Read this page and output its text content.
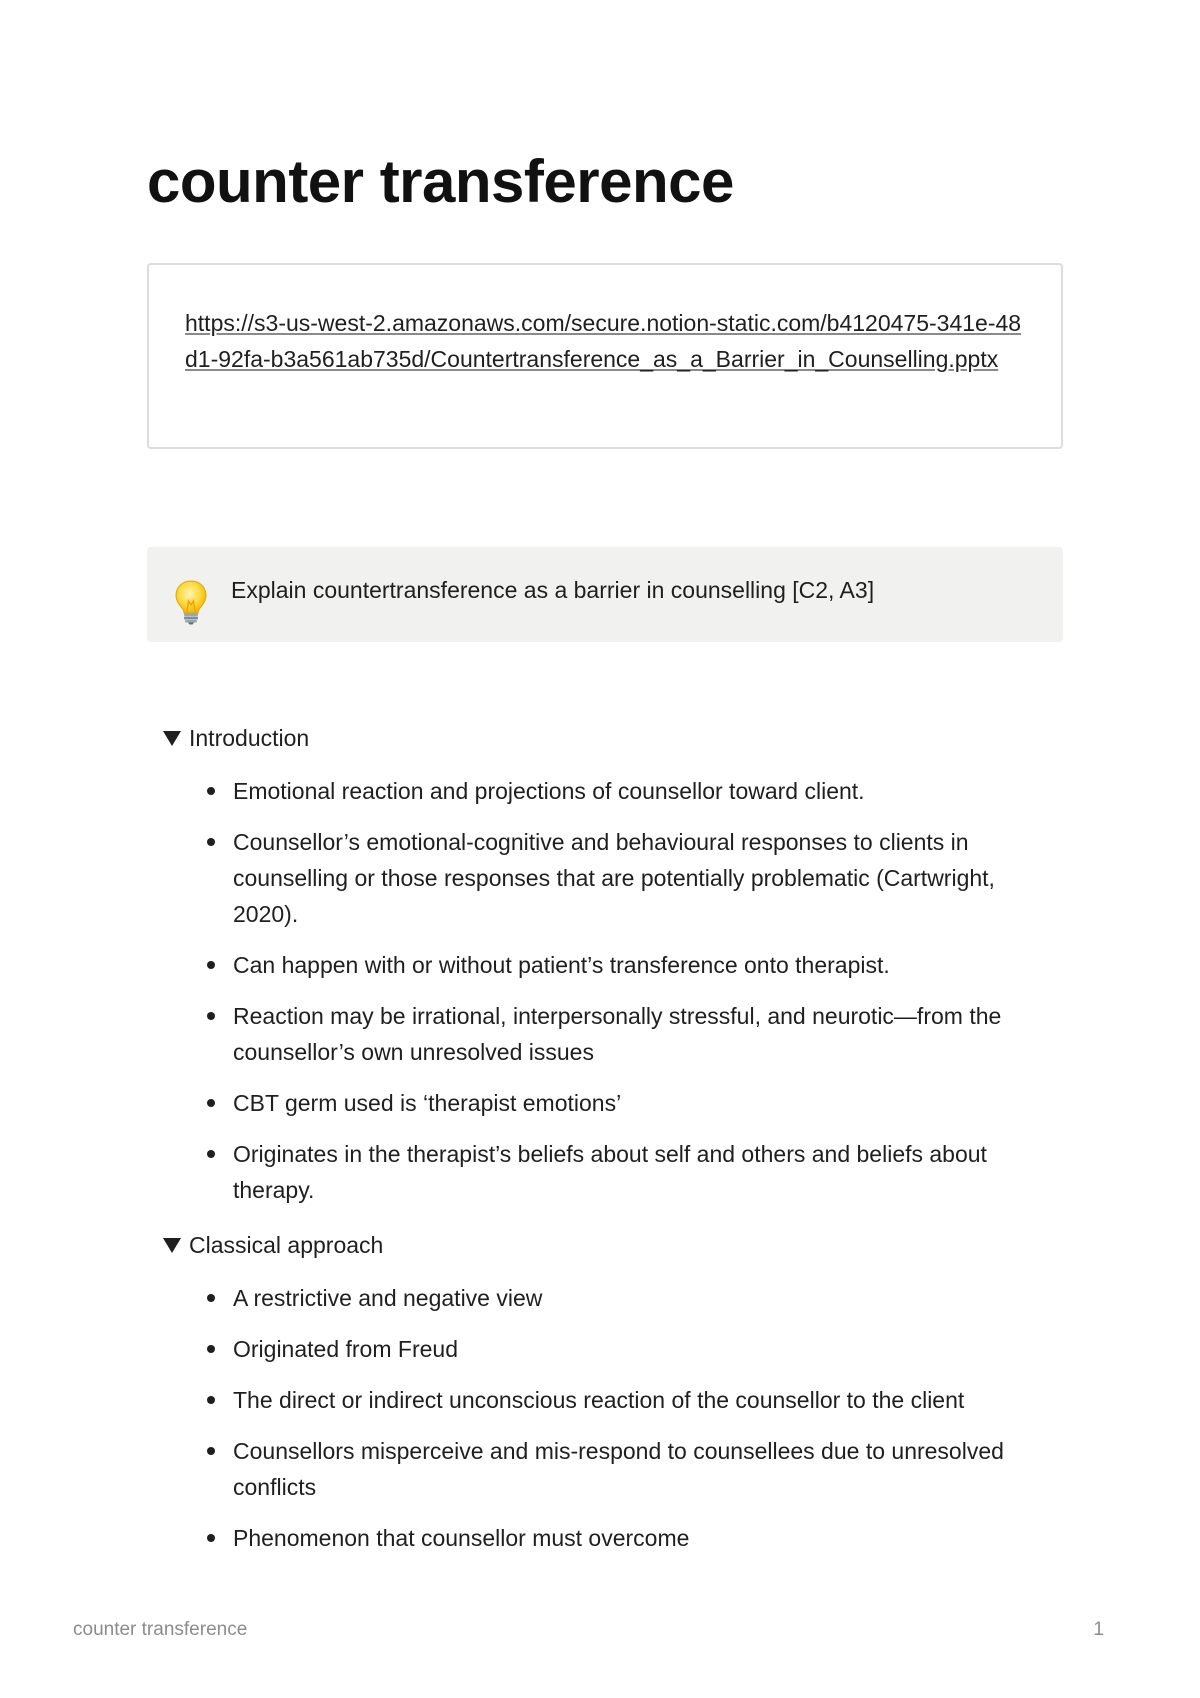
counter transference
https://s3-us-west-2.amazonaws.com/secure.notion-static.com/b4120475-341e-48d1-92fa-b3a561ab735d/Countertransference_as_a_Barrier_in_Counselling.pptx
Explain countertransference as a barrier in counselling [C2, A3]
Introduction
Emotional reaction and projections of counsellor toward client.
Counsellor’s emotional-cognitive and behavioural responses to clients in counselling or those responses that are potentially problematic (Cartwright, 2020).
Can happen with or without patient’s transference onto therapist.
Reaction may be irrational, interpersonally stressful, and neurotic—from the counsellor’s own unresolved issues
CBT germ used is ‘therapist emotions’
Originates in the therapist’s beliefs about self and others and beliefs about therapy.
Classical approach
A restrictive and negative view
Originated from Freud
The direct or indirect unconscious reaction of the counsellor to the client
Counsellors misperceive and mis-respond to counsellees due to unresolved conflicts
Phenomenon that counsellor must overcome
counter transference	1
